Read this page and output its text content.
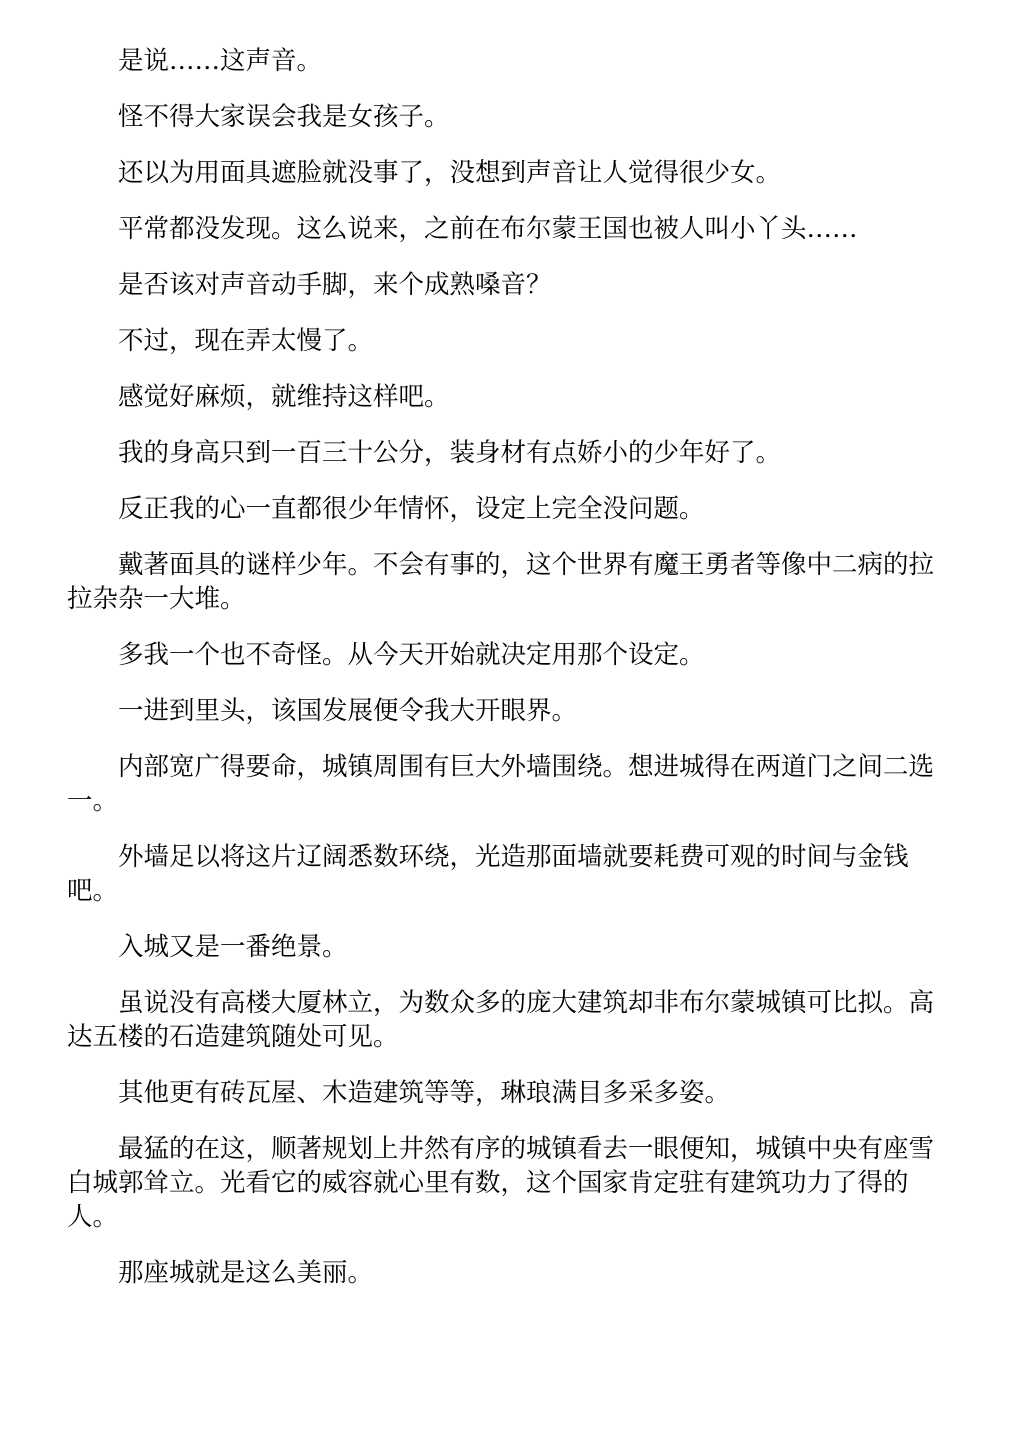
是说……这声音。

怪不得大家误会我是女孩子。

还以为用面具遮脸就没事了，没想到声音让人觉得很少女。

平常都没发现。这么说来，之前在布尔蒙王国也被人叫小丫头……

是否该对声音动手脚，来个成熟嗓音？

不过，现在弄太慢了。

感觉好麻烦，就维持这样吧。

我的身高只到一百三十公分，装身材有点娇小的少年好了。

反正我的心一直都很少年情怀，设定上完全没问题。

戴著面具的谜样少年。不会有事的，这个世界有魔王勇者等像中二病的拉拉杂杂一大堆。

多我一个也不奇怪。从今天开始就决定用那个设定。

一进到里头，该国发展便令我大开眼界。

内部宽广得要命，城镇周围有巨大外墙围绕。想进城得在两道门之间二选一。

外墙足以将这片辽阔悉数环绕，光造那面墙就要耗费可观的时间与金钱吧。

入城又是一番绝景。

虽说没有高楼大厦林立，为数众多的庞大建筑却非布尔蒙城镇可比拟。高达五楼的石造建筑随处可见。

其他更有砖瓦屋、木造建筑等等，琳琅满目多采多姿。

最猛的在这，顺著规划上井然有序的城镇看去一眼便知，城镇中央有座雪白城郭耸立。光看它的威容就心里有数，这个国家肯定驻有建筑功力了得的人。

那座城就是这么美丽。
